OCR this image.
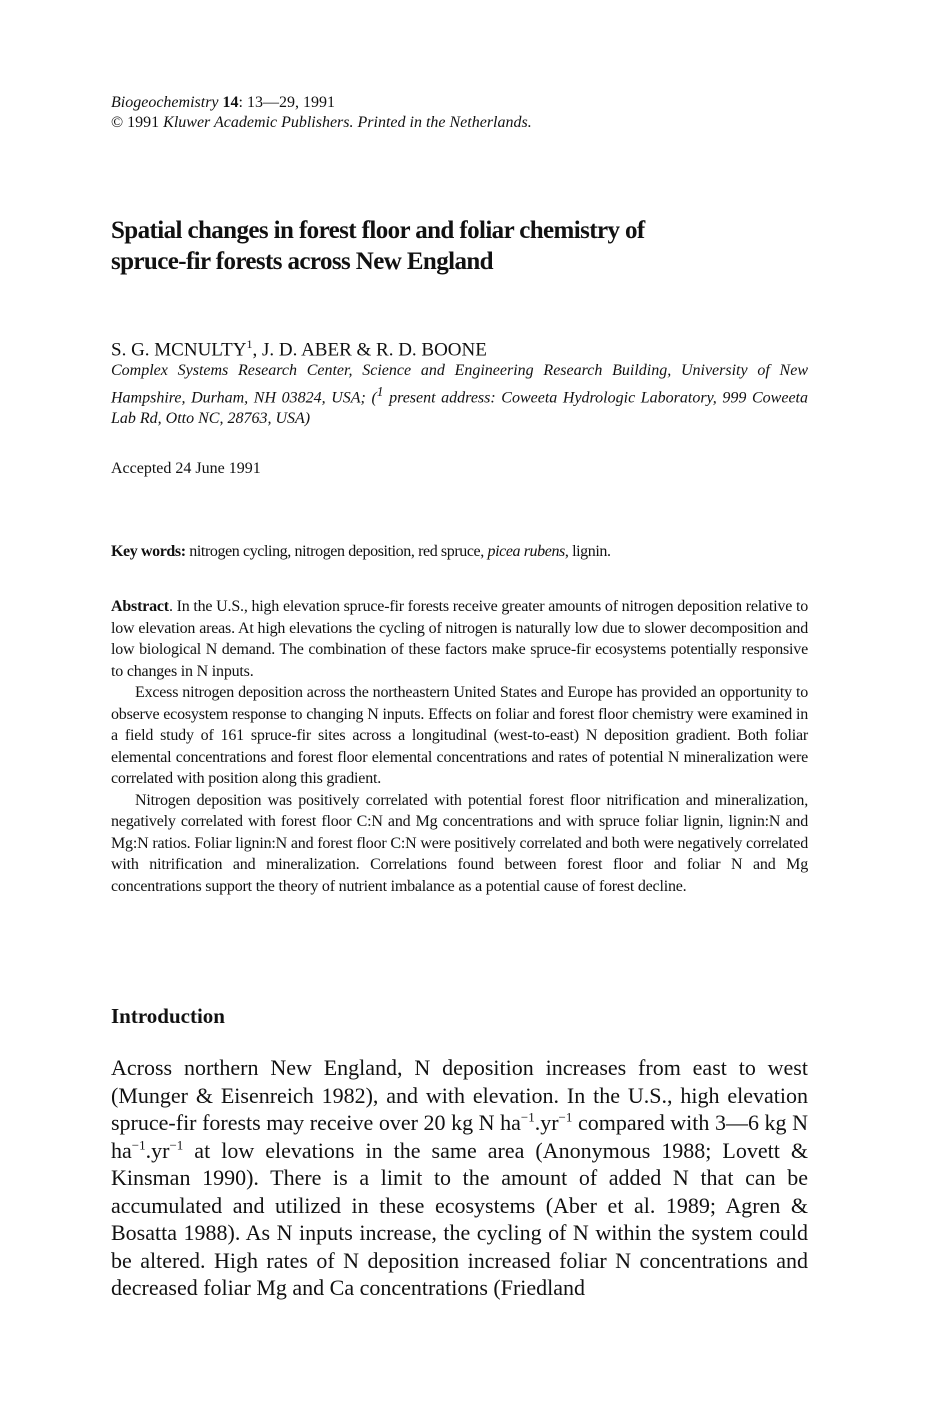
Biogeochemistry 14: 13—29, 1991
© 1991 Kluwer Academic Publishers. Printed in the Netherlands.
Spatial changes in forest floor and foliar chemistry of
spruce-fir forests across New England
S. G. MCNULTY$^1$, J. D. ABER & R. D. BOONE
Complex Systems Research Center, Science and Engineering Research Building, University of New Hampshire, Durham, NH 03824, USA; ($^1$ present address: Coweeta Hydrologic Laboratory, 999 Coweeta Lab Rd, Otto NC, 28763, USA)
Accepted 24 June 1991
Key words: nitrogen cycling, nitrogen deposition, red spruce, picea rubens, lignin.

Abstract. In the U.S., high elevation spruce-fir forests receive greater amounts of nitrogen deposition relative to low elevation areas. At high elevations the cycling of nitrogen is naturally low due to slower decomposition and low biological N demand. The combination of these factors make spruce-fir ecosystems potentially responsive to changes in N inputs.

Excess nitrogen deposition across the northeastern United States and Europe has provided an opportunity to observe ecosystem response to changing N inputs. Effects on foliar and forest floor chemistry were examined in a field study of 161 spruce-fir sites across a longitudinal (west-to-east) N deposition gradient. Both foliar elemental concentrations and forest floor elemental concentrations and rates of potential N mineralization were correlated with position along this gradient.

Nitrogen deposition was positively correlated with potential forest floor nitrification and mineralization, negatively correlated with forest floor C:N and Mg concentrations and with spruce foliar lignin, lignin:N and Mg:N ratios. Foliar lignin:N and forest floor C:N were positively correlated and both were negatively correlated with nitrification and mineralization. Correlations found between forest floor and foliar N and Mg concentrations support the theory of nutrient imbalance as a potential cause of forest decline.

Introduction

Across northern New England, N deposition increases from east to west (Munger & Eisenreich 1982), and with elevation. In the U.S., high elevation spruce-fir forests may receive over 20 kg N $ha^{-1}.yr^{-1}$ compared with 3—6 kg N $ha^{-1}.yr^{-1}$ at low elevations in the same area (Anonymous 1988; Lovett & Kinsman 1990). There is a limit to the amount of added N that can be accumulated and utilized in these ecosystems (Aber et al. 1989; Agren & Bosatta 1988). As N inputs increase, the cycling of N within the system could be altered. High rates of N deposition increased foliar N concentrations and decreased foliar Mg and Ca concentrations (Friedland
